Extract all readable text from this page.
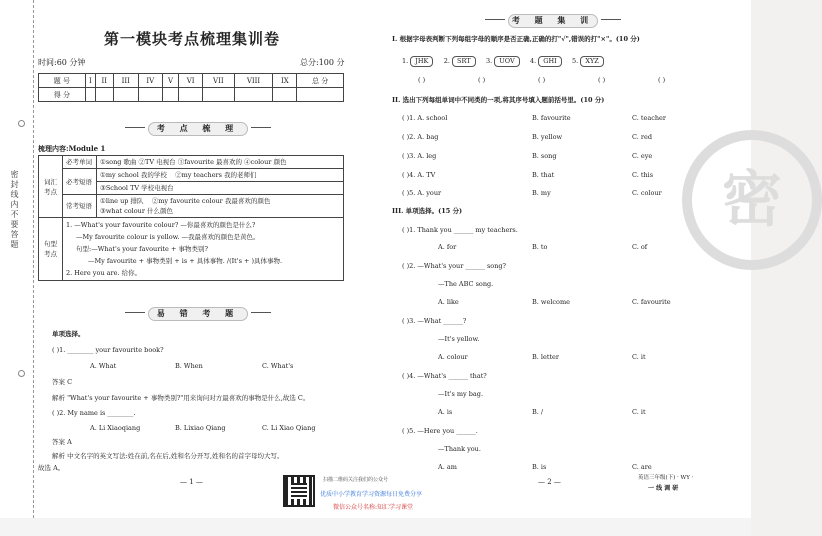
密封线内不要答题
第一模块考点梳理集训卷
时间:60 分钟	总分:100 分
题 号	I	II	III	IV	V	VI	VII	VIII	IX	总 分
得 分										
考 点 梳 理
梳理内容:Module 1
词汇考点	必考单词	①song 歌曲 ②TV 电视台 ③favourite 最喜欢的 ④colour 颜色
	必考短语	①my school 我的学校 ②my teachers 我的老师们
		③School TV 学校电视台
	常考短语	①line up 排队 ②my favourite colour 我最喜欢的颜色
③what colour 什么颜色
句型考点	1. —What's your favourite colour? —你最喜欢的颜色是什么?
—My favourite colour is yellow. —我最喜欢的颜色是黄色。
句型:—What's your favourite + 事物类别?
—My favourite + 事物类别 + is + 具体事物. /(It's + )具体事物.
2. Here you are. 给你。	
易 错 考 题
单项选择。
( )1. ________ your favourite book?
A. What	B. When	C. What's
答案 C
解析 "What's your favourite + 事物类别?"用来询问对方最喜欢的事物是什么,故选 C。
( )2. My name is ________.
A. Li Xiaoqiang	B. Lixiao Qiang	C. Li Xiao Qiang
答案 A
解析 中文名字的英文写法:姓在前,名在后,姓和名分开写,姓和名的首字母均大写。
故选 A。
— 1 —	扫描二维码关注我们的公众号
优质中小学教育学习资源每日免费分享
微信公众号名称:知汇学习课堂
考 题 集 训
I. 根据字母表判断下列每组字母的顺序是否正确,正确的打"√",错误的打"×"。(10 分)
1. JHK 2. SRT 3. UOV 4. GHI 5. XYZ
( )	( )	( )	( )	( )
II. 选出下列每组单词中不同类的一项,将其序号填入题前括号里。(10 分)
( )1. A. school	B. favourite	C. teacher
( )2. A. bag	B. yellow	C. red
( )3. A. leg	B. song	C. eye
( )4. A. TV	B. that	C. this
( )5. A. your	B. my	C. colour
III. 单项选择。(15 分)
( )1. Thank you ______ my teachers.
A. for	B. to	C. of
( )2. —What's your ______ song?
—The ABC song.
A. like	B. welcome	C. favourite
( )3. —What ______?
—It's yellow.
A. colour	B. letter	C. it
( )4. —What's ______ that?
—It's my bag.
A. is	B. /	C. it
( )5. —Here you ______.
—Thank you.
A. am	B. is	C. are
— 2 —	英语三年级(下) · WY ·
一 线 调 研
密
